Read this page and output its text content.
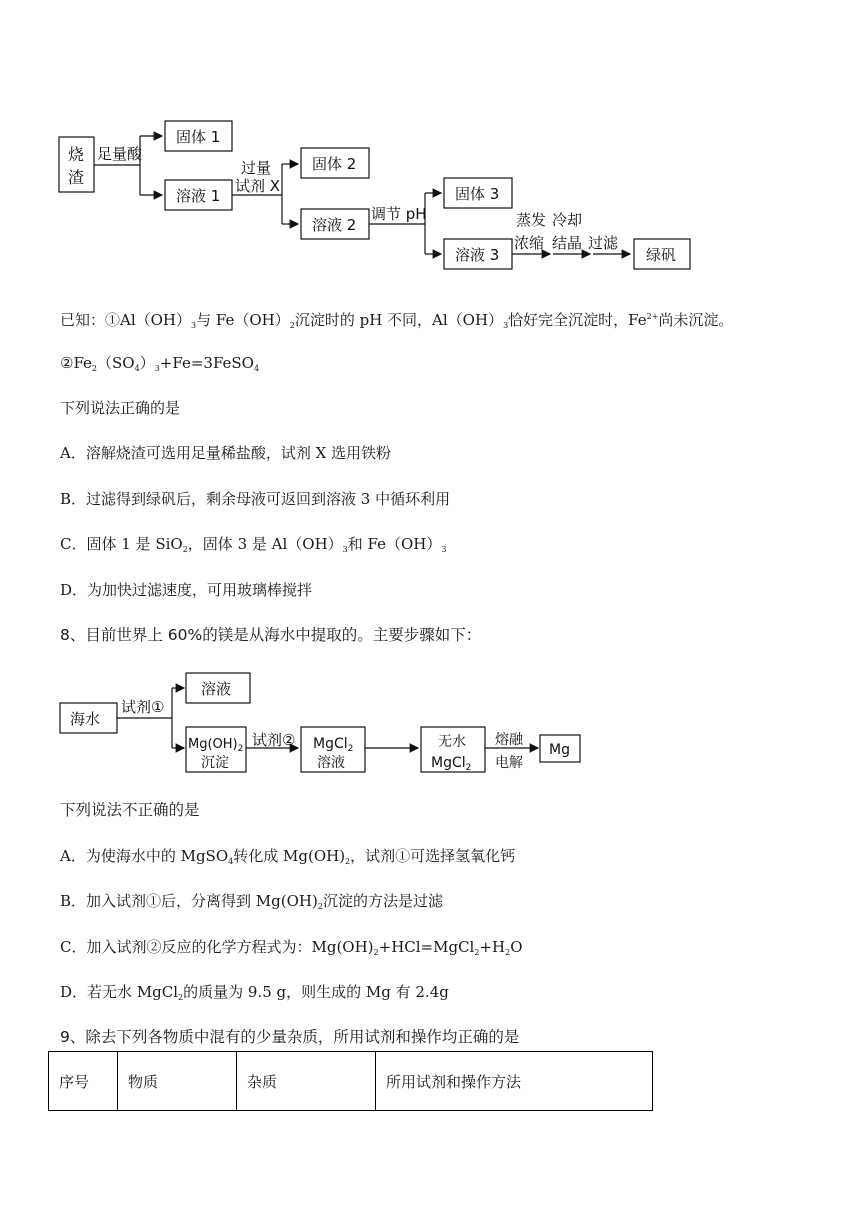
烧
渣
足量酸
固体 1
溶液 1
过量
试剂 X
固体 2
溶液 2
调节 pH
固体 3
溶液 3
蒸发
浓缩
冷却
结晶 过滤
绿矾
已知：$①Al(OH)_3$与 $Fe(OH)_2$沉淀时的 pH 不同，$Al(OH)_3$恰好完全沉淀时，$Fe^{2+}$尚未沉淀。
$②Fe_2(SO_4)_3+Fe=3FeSO_4$
下列说法正确的是
A．溶解烧渣可选用足量稀盐酸，试剂 X 选用铁粉
B．过滤得到绿矾后，剩余母液可返回到溶液 3 中循环利用
C．固体 1 是 SiO$_2$，固体 3 是 $Al(OH)_3$和 $Fe(OH)_3$
D．为加快过滤速度，可用玻璃棒搅拌
8、目前世界上 60%的镁是从海水中提取的。主要步骤如下：
海水
试剂①
溶液
$Mg(OH)_2$
沉淀
试剂② MgCl$_2$
溶液
无水
MgCl$_2$
熔融
电解
Mg
下列说法不正确的是
A．为使海水中的 MgSO$_4$转化成 $Mg(OH)_2$，试剂①可选择氢氧化钙
B．加入试剂①后，分离得到 $Mg(OH)_2$沉淀的方法是过滤
C．加入试剂②反应的化学方程式为：$Mg(OH)_2+HCl=MgCl_2+H_2O$
D．若无水 MgCl$_2$的质量为 9.5 g，则生成的 Mg 有 2.4g
9、除去下列各物质中混有的少量杂质，所用试剂和操作均正确的是
序号	物质	杂质	所用试剂和操作方法
